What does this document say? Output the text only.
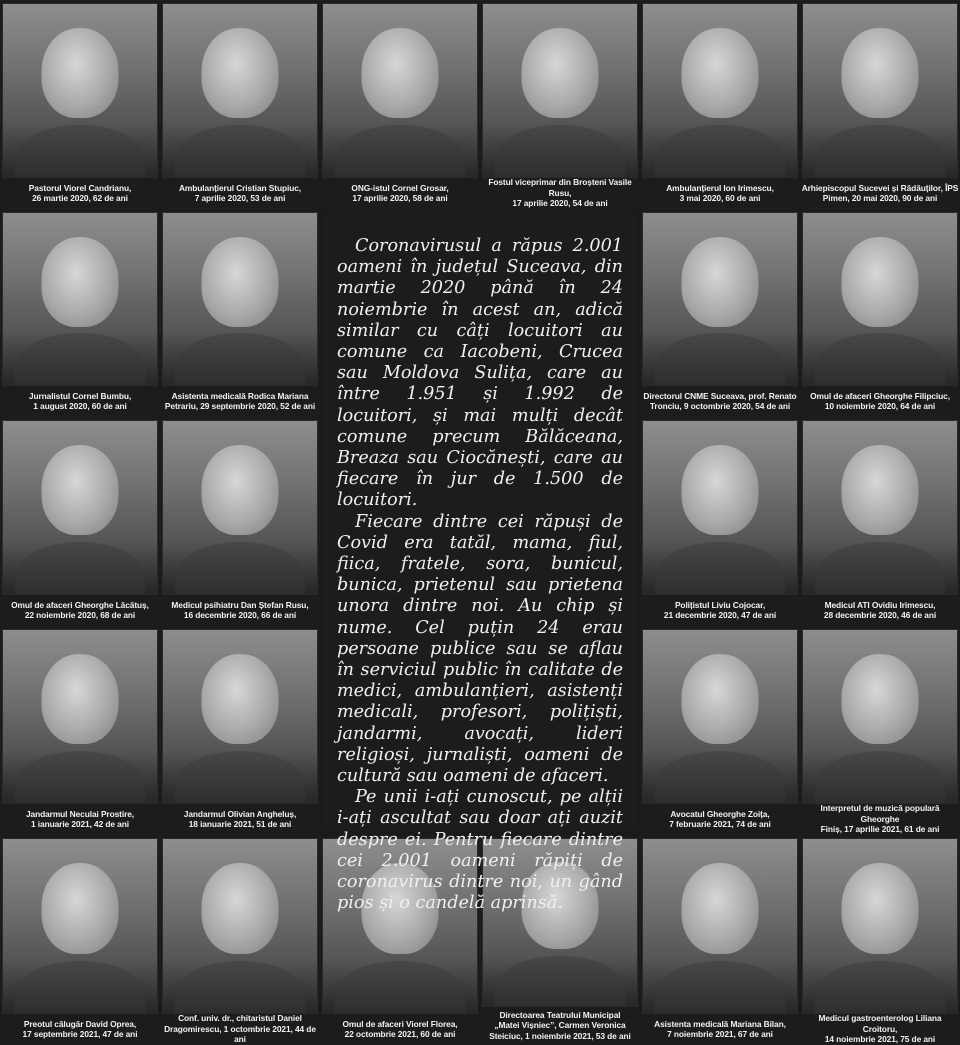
Pastorul Viorel Candrianu,
26 martie 2020, 62 de ani
Ambulanțierul Cristian Stupiuc,
7 aprilie 2020, 53 de ani
ONG-istul Cornel Grosar,
17 aprilie 2020, 58 de ani
Fostul viceprimar din Broșteni Vasile Rusu,
17 aprilie 2020, 54 de ani
Ambulanțierul Ion Irimescu,
3 mai 2020, 60 de ani
Arhiepiscopul Sucevei și Rădăuților, ÎPS
Pimen, 20 mai 2020, 90 de ani
Jurnalistul Cornel Bumbu,
1 august 2020, 60 de ani
Asistenta medicală Rodica Mariana
Petrariu, 29 septembrie 2020, 52 de ani
Directorul CNME Suceava, prof. Renato
Tronciu, 9 octombrie 2020, 54 de ani
Omul de afaceri Gheorghe Filipciuc,
10 noiembrie 2020, 64 de ani
Omul de afaceri Gheorghe Lăcătuș,
22 noiembrie 2020, 68 de ani
Medicul psihiatru Dan Ștefan Rusu,
16 decembrie 2020, 66 de ani
Polițistul Liviu Cojocar,
21 decembrie 2020, 47 de ani
Medicul ATI Ovidiu Irimescu,
28 decembrie 2020, 46 de ani
Jandarmul Neculai Prostire,
1 ianuarie 2021, 42 de ani
Jandarmul Olivian Angheluș,
18 ianuarie 2021, 51 de ani
Avocatul Gheorghe Zoița,
7 februarie 2021, 74 de ani
Interpretul de muzică populară Gheorghe
Finiș, 17 aprilie 2021, 61 de ani
Preotul călugăr David Oprea,
17 septembrie 2021, 47 de ani
Conf. univ. dr., chitaristul Daniel
Dragomirescu, 1 octombrie 2021, 44 de ani
Omul de afaceri Viorel Florea,
22 octombrie 2021, 60 de ani
Directoarea Teatrului Municipal
„Matei Vișniec”, Carmen Veronica
Steiciuc, 1 noiembrie 2021, 53 de ani
Asistenta medicală Mariana Bilan,
7 noiembrie 2021, 67 de ani
Medicul gastroenterolog Liliana Croitoru,
14 noiembrie 2021, 75 de ani

Coronavirusul a răpus 2.001 oameni în județul Suceava, din martie 2020 până în 24 noiembrie în acest an, adică similar cu câți locuitori au comune ca Iacobeni, Crucea sau Moldova Sulița, care au între 1.951 și 1.992 de locuitori, și mai mulți decât comune precum Bălăceana, Breaza sau Ciocănești, care au fiecare în jur de 1.500 de locuitori.

Fiecare dintre cei răpuși de Covid era tatăl, mama, fiul, fiica, fratele, sora, bunicul, bunica, prietenul sau prietena unora dintre noi. Au chip și nume. Cel puțin 24 erau persoane publice sau se aflau în serviciul public în calitate de medici, ambulanțieri, asistenți medicali, profesori, polițiști, jandarmi, avocați, lideri religioși, jurnaliști, oameni de cultură sau oameni de afaceri.

Pe unii i-ați cunoscut, pe alții i-ați ascultat sau doar ați auzit despre ei. Pentru fiecare dintre cei 2.001 oameni răpiți de coronavirus dintre noi, un gând pios și o candelă aprinsă.
